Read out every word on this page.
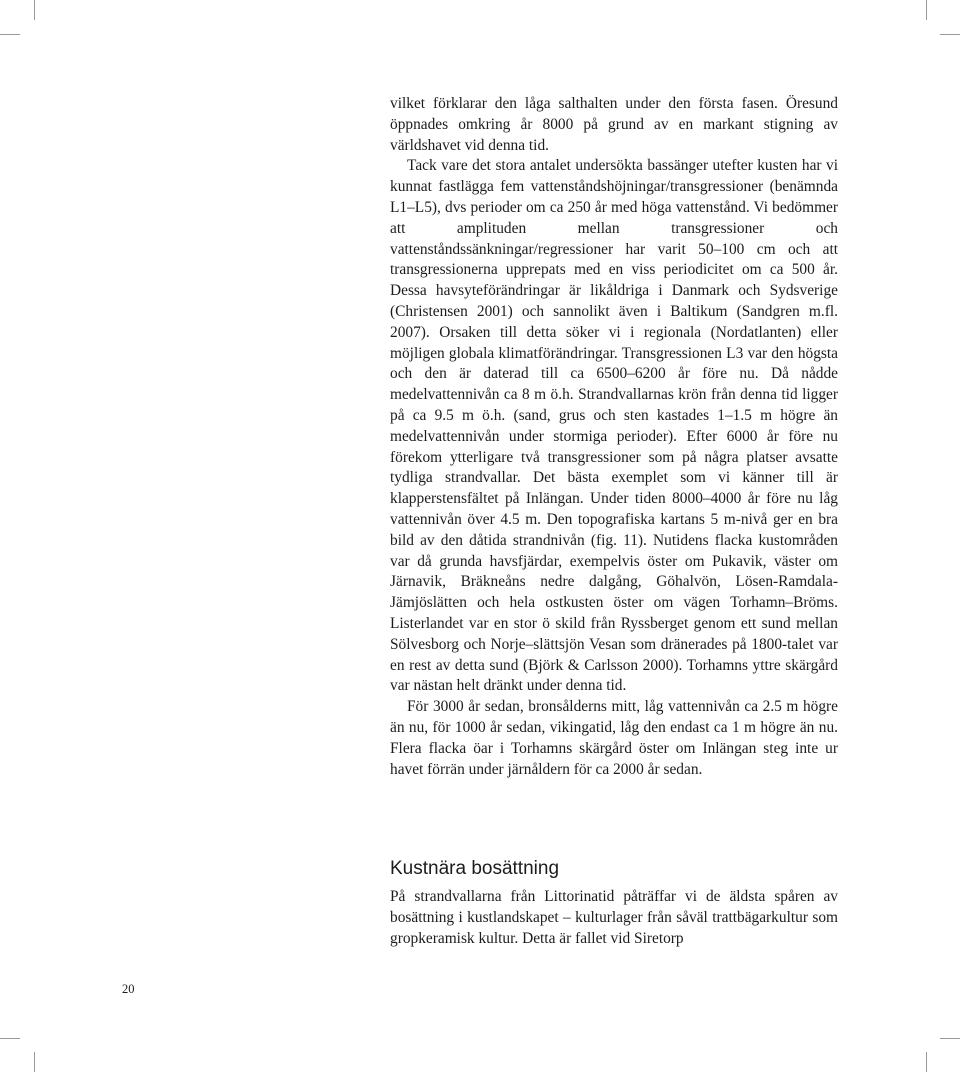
vilket förklarar den låga salthalten under den första fasen. Öresund öppnades omkring år 8000 på grund av en markant stigning av världshavet vid denna tid.

Tack vare det stora antalet undersökta bassänger utefter kusten har vi kunnat fastlägga fem vattenståndshöjningar/transgressioner (benämnda L1–L5), dvs perioder om ca 250 år med höga vattenstånd. Vi bedömmer att amplituden mellan transgressioner och vattenståndssänkningar/regressioner har varit 50–100 cm och att transgressionerna upprepats med en viss periodicitet om ca 500 år. Dessa havsyteförändringar är likåldriga i Danmark och Sydsverige (Christensen 2001) och sannolikt även i Baltikum (Sandgren m.fl. 2007). Orsaken till detta söker vi i regionala (Nordatlanten) eller möjligen globala klimatförändringar. Transgressionen L3 var den högsta och den är daterad till ca 6500–6200 år före nu. Då nådde medelvattennivån ca 8 m ö.h. Strandvallarnas krön från denna tid ligger på ca 9.5 m ö.h. (sand, grus och sten kastades 1–1.5 m högre än medelvattennivån under stormiga perioder). Efter 6000 år före nu förekom ytterligare två transgressioner som på några platser avsatte tydliga strandvallar. Det bästa exemplet som vi känner till är klapperstensfältet på Inlängan. Under tiden 8000–4000 år före nu låg vattennivån över 4.5 m. Den topografiska kartans 5 m-nivå ger en bra bild av den dåtida strandnivån (fig. 11). Nutidens flacka kustområden var då grunda havsfjärdar, exempelvis öster om Pukavik, väster om Järnavik, Bräkneåns nedre dalgång, Göhalvön, Lösen-Ramdala-Jämjöslätten och hela ostkusten öster om vägen Torhamn–Bröms. Listerlandet var en stor ö skild från Ryssberget genom ett sund mellan Sölvesborg och Norje–slättsjön Vesan som dränerades på 1800-talet var en rest av detta sund (Björk & Carlsson 2000). Torhamns yttre skärgård var nästan helt dränkt under denna tid.

För 3000 år sedan, bronsålderns mitt, låg vattennivån ca 2.5 m högre än nu, för 1000 år sedan, vikingatid, låg den endast ca 1 m högre än nu. Flera flacka öar i Torhamns skärgård öster om Inlängan steg inte ur havet förrän under järnåldern för ca 2000 år sedan.

Kustnära bosättning

På strandvallarna från Littorinatid påträffar vi de äldsta spåren av bosättning i kustlandskapet – kulturlager från såväl trattbägarkultur som gropkeramisk kultur. Detta är fallet vid Siretorp

20
